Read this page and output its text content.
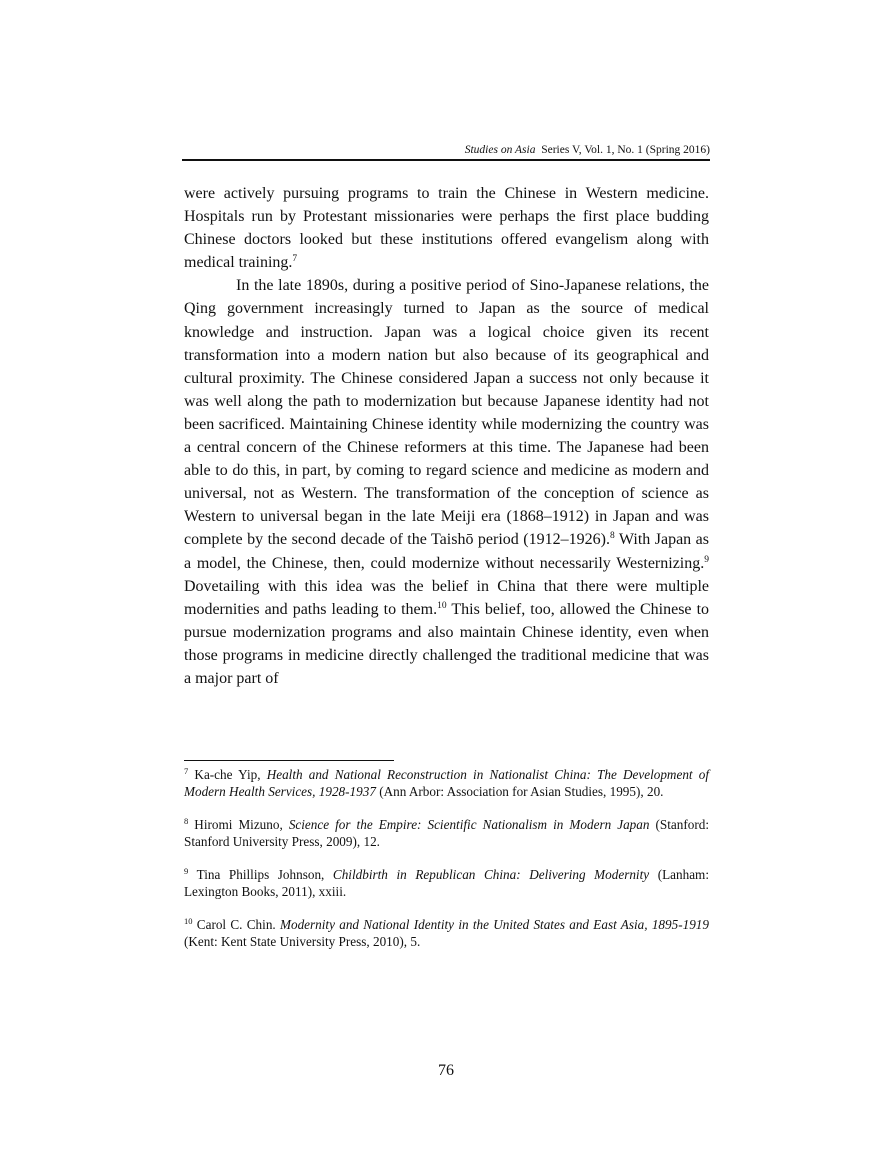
Studies on Asia Series V, Vol. 1, No. 1 (Spring 2016)

were actively pursuing programs to train the Chinese in Western medicine. Hospitals run by Protestant missionaries were perhaps the first place budding Chinese doctors looked but these institutions offered evangelism along with medical training.$^7$

In the late 1890s, during a positive period of Sino-Japanese relations, the Qing government increasingly turned to Japan as the source of medical knowledge and instruction. Japan was a logical choice given its recent transformation into a modern nation but also because of its geographical and cultural proximity. The Chinese considered Japan a success not only because it was well along the path to modernization but because Japanese identity had not been sacrificed. Maintaining Chinese identity while modernizing the country was a central concern of the Chinese reformers at this time. The Japanese had been able to do this, in part, by coming to regard science and medicine as modern and universal, not as Western. The transformation of the conception of science as Western to universal began in the late Meiji era (1868–1912) in Japan and was complete by the second decade of the Taishō period (1912–1926).$^8$ With Japan as a model, the Chinese, then, could modernize without necessarily Westernizing.$^9$ Dovetailing with this idea was the belief in China that there were multiple modernities and paths leading to them.$^{10}$ This belief, too, allowed the Chinese to pursue modernization programs and also maintain Chinese identity, even when those programs in medicine directly challenged the traditional medicine that was a major part of

$^7$ Ka-che Yip, Health and National Reconstruction in Nationalist China: The Development of Modern Health Services, 1928-1937 (Ann Arbor: Association for Asian Studies, 1995), 20.

$^8$ Hiromi Mizuno, Science for the Empire: Scientific Nationalism in Modern Japan (Stanford: Stanford University Press, 2009), 12.

$^9$ Tina Phillips Johnson, Childbirth in Republican China: Delivering Modernity (Lanham: Lexington Books, 2011), xxiii.

$^{10}$ Carol C. Chin. Modernity and National Identity in the United States and East Asia, 1895-1919 (Kent: Kent State University Press, 2010), 5.

76
